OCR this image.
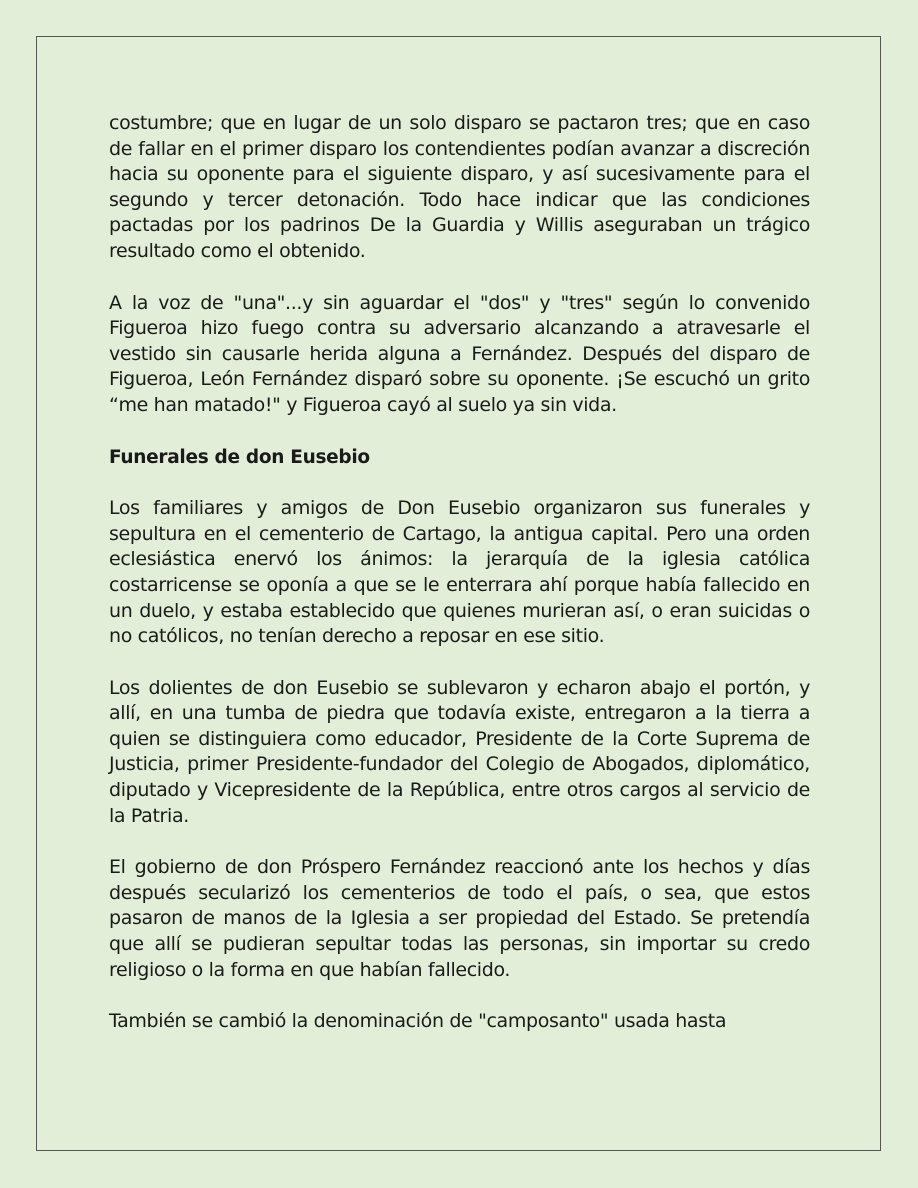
costumbre; que en lugar de un solo disparo se pactaron tres; que en caso de fallar en el primer disparo los contendientes podían avanzar a discreción hacia su oponente para el siguiente disparo, y así sucesivamente para el segundo y tercer detonación. Todo hace indicar que las condiciones pactadas por los padrinos De la Guardia y Willis aseguraban un trágico resultado como el obtenido.

A la voz de "una"...y sin aguardar el "dos" y "tres" según lo convenido Figueroa hizo fuego contra su adversario alcanzando a atravesarle el vestido sin causarle herida alguna a Fernández. Después del disparo de Figueroa, León Fernández disparó sobre su oponente. ¡Se escuchó un grito “me han matado!" y Figueroa cayó al suelo ya sin vida.

Funerales de don Eusebio

Los familiares y amigos de Don Eusebio organizaron sus funerales y sepultura en el cementerio de Cartago, la antigua capital. Pero una orden eclesiástica enervó los ánimos: la jerarquía de la iglesia católica costarricense se oponía a que se le enterrara ahí porque había fallecido en un duelo, y estaba establecido que quienes murieran así, o eran suicidas o no católicos, no tenían derecho a reposar en ese sitio.

Los dolientes de don Eusebio se sublevaron y echaron abajo el portón, y allí, en una tumba de piedra que todavía existe, entregaron a la tierra a quien se distinguiera como educador, Presidente de la Corte Suprema de Justicia, primer Presidente-fundador del Colegio de Abogados, diplomático, diputado y Vicepresidente de la República, entre otros cargos al servicio de la Patria.

El gobierno de don Próspero Fernández reaccionó ante los hechos y días después secularizó los cementerios de todo el país, o sea, que estos pasaron de manos de la Iglesia a ser propiedad del Estado. Se pretendía que allí se pudieran sepultar todas las personas, sin importar su credo religioso o la forma en que habían fallecido.

También se cambió la denominación de "camposanto" usada hasta
